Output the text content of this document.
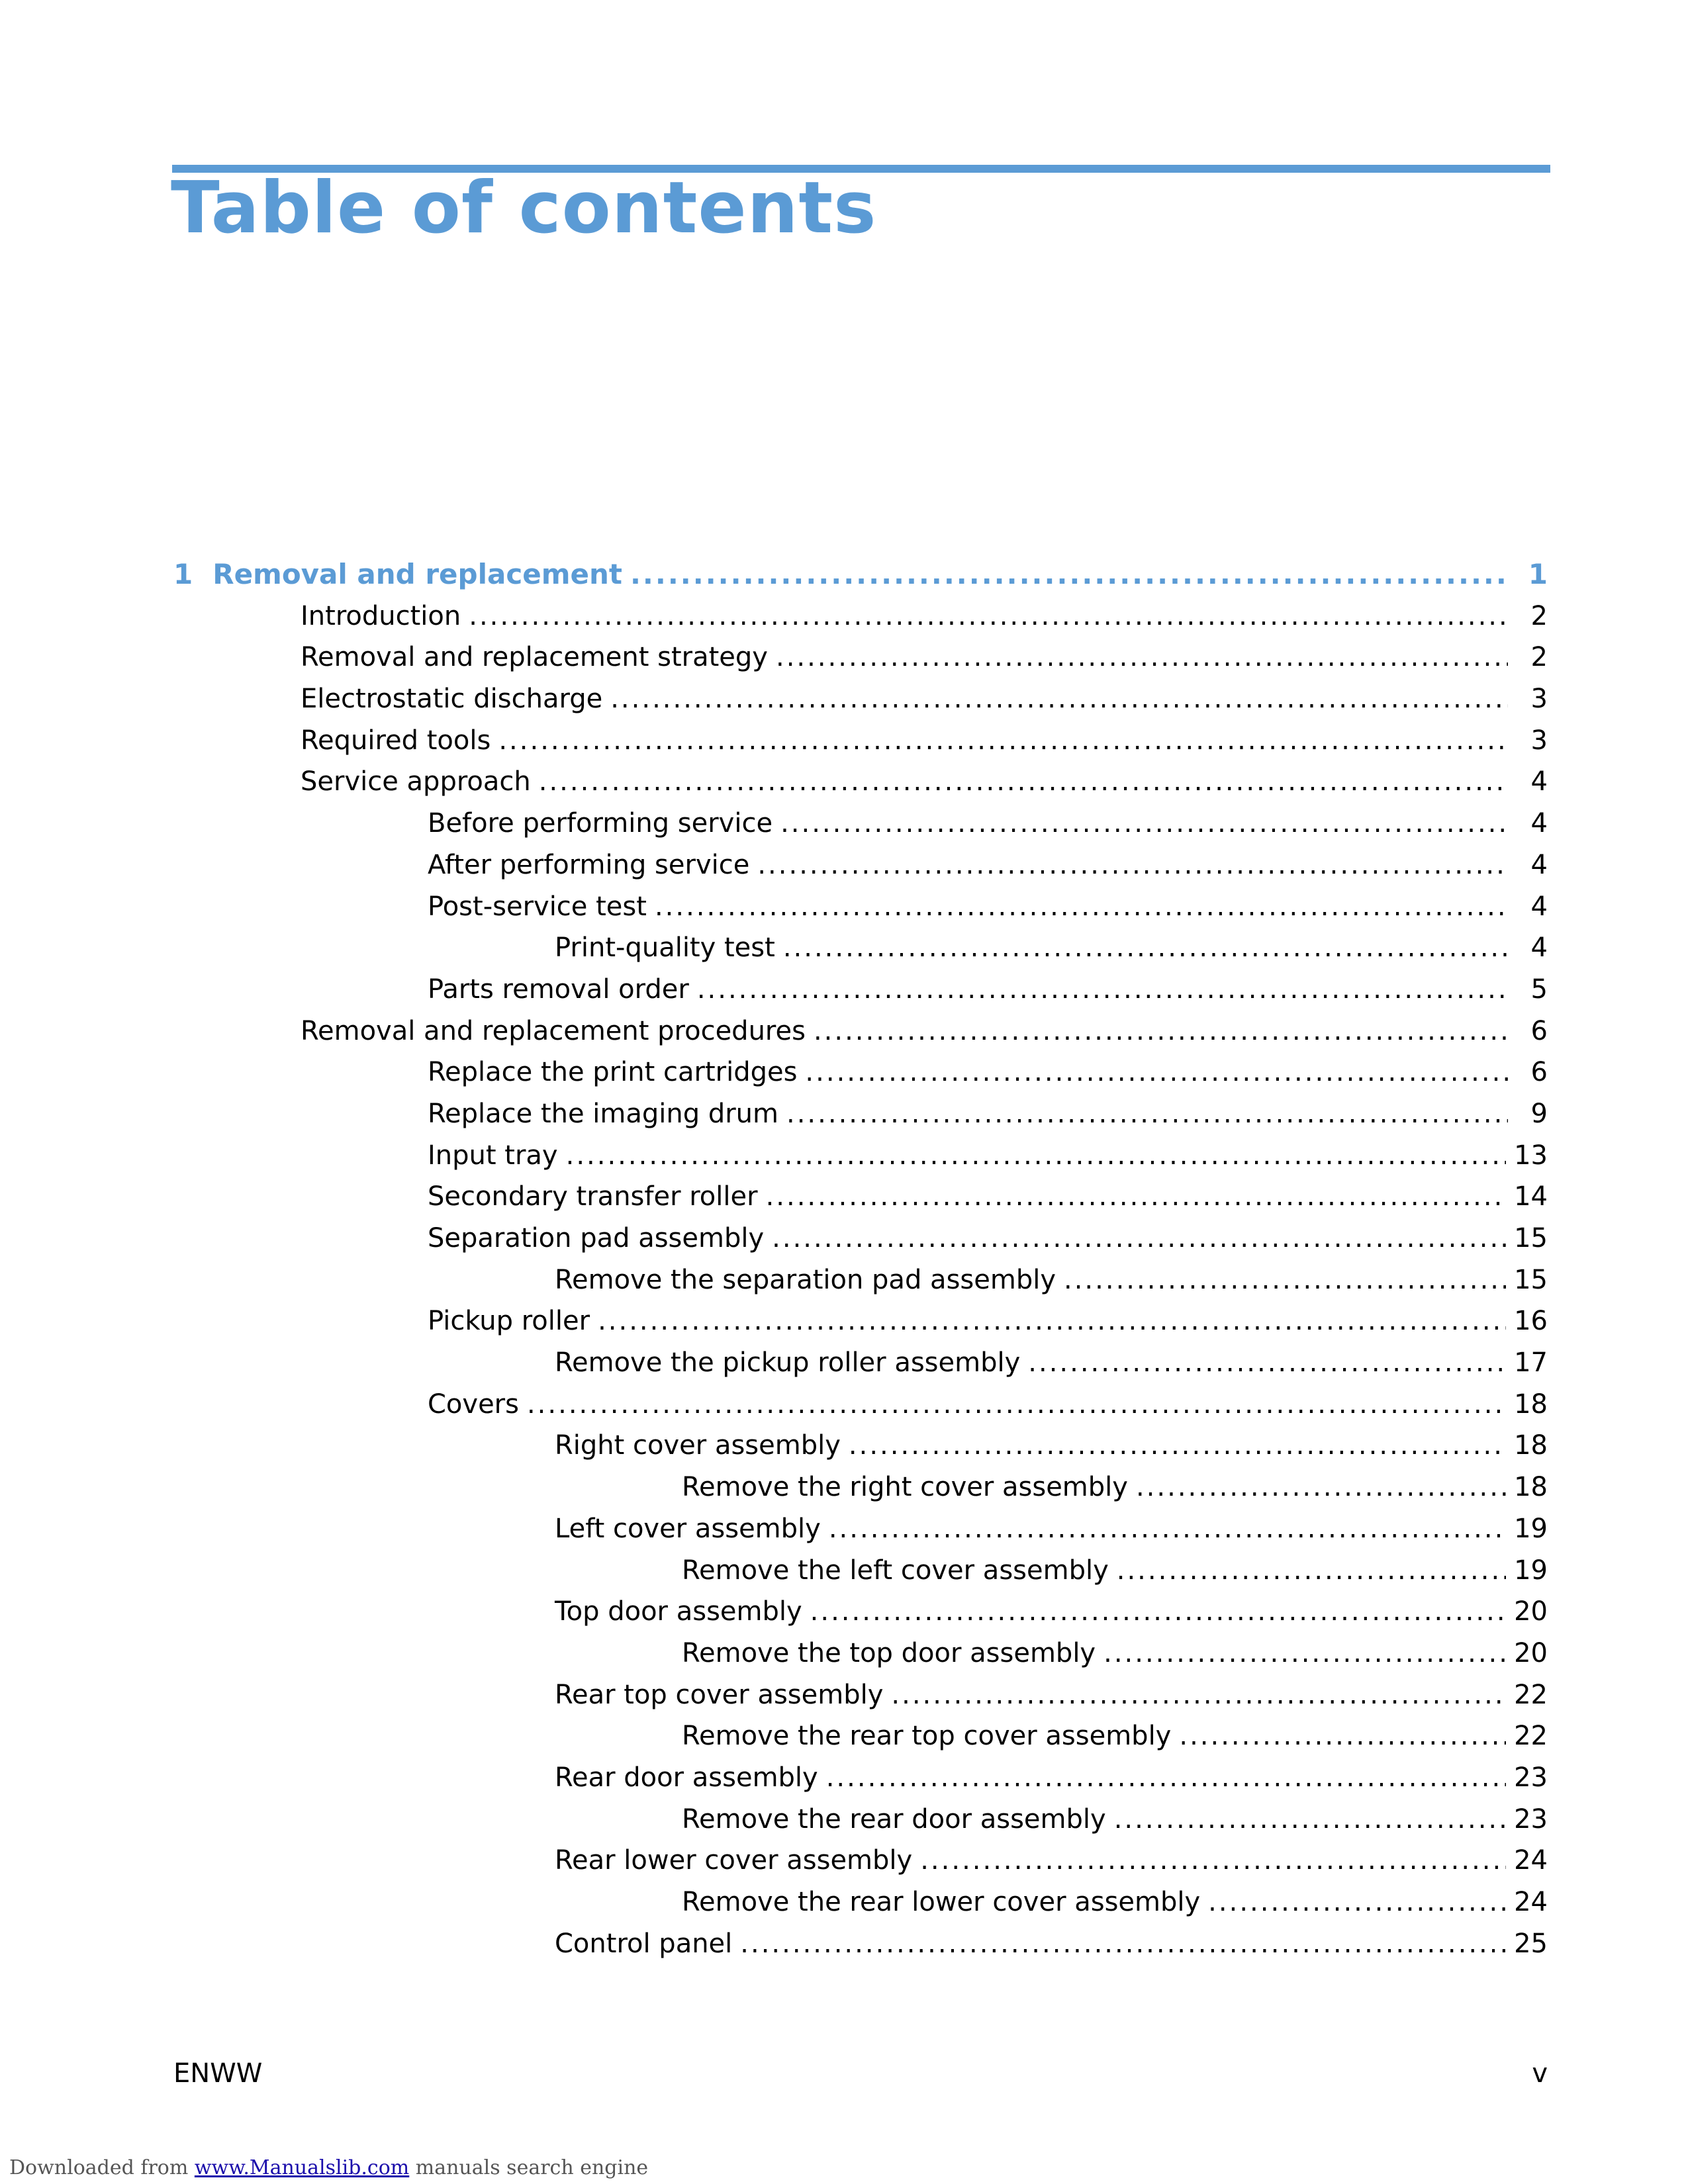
Table of contents
1 Removal and replacement .....	1
Introduction .....	2
Removal and replacement strategy .....	2
Electrostatic discharge .....	3
Required tools .....	3
Service approach .....	4
Before performing service .....	4
After performing service .....	4
Post-service test .....	4
Print-quality test .....	4
Parts removal order .....	5
Removal and replacement procedures .....	6
Replace the print cartridges .....	6
Replace the imaging drum .....	9
Input tray .....	13
Secondary transfer roller .....	14
Separation pad assembly .....	15
Remove the separation pad assembly .....	15
Pickup roller .....	16
Remove the pickup roller assembly .....	17
Covers .....	18
Right cover assembly .....	18
Remove the right cover assembly .....	18
Left cover assembly .....	19
Remove the left cover assembly .....	19
Top door assembly .....	20
Remove the top door assembly .....	20
Rear top cover assembly .....	22
Remove the rear top cover assembly .....	22
Rear door assembly .....	23
Remove the rear door assembly .....	23
Rear lower cover assembly .....	24
Remove the rear lower cover assembly .....	24
Control panel .....	25
ENWW	v
Downloaded from www.Manualslib.com manuals search engine
